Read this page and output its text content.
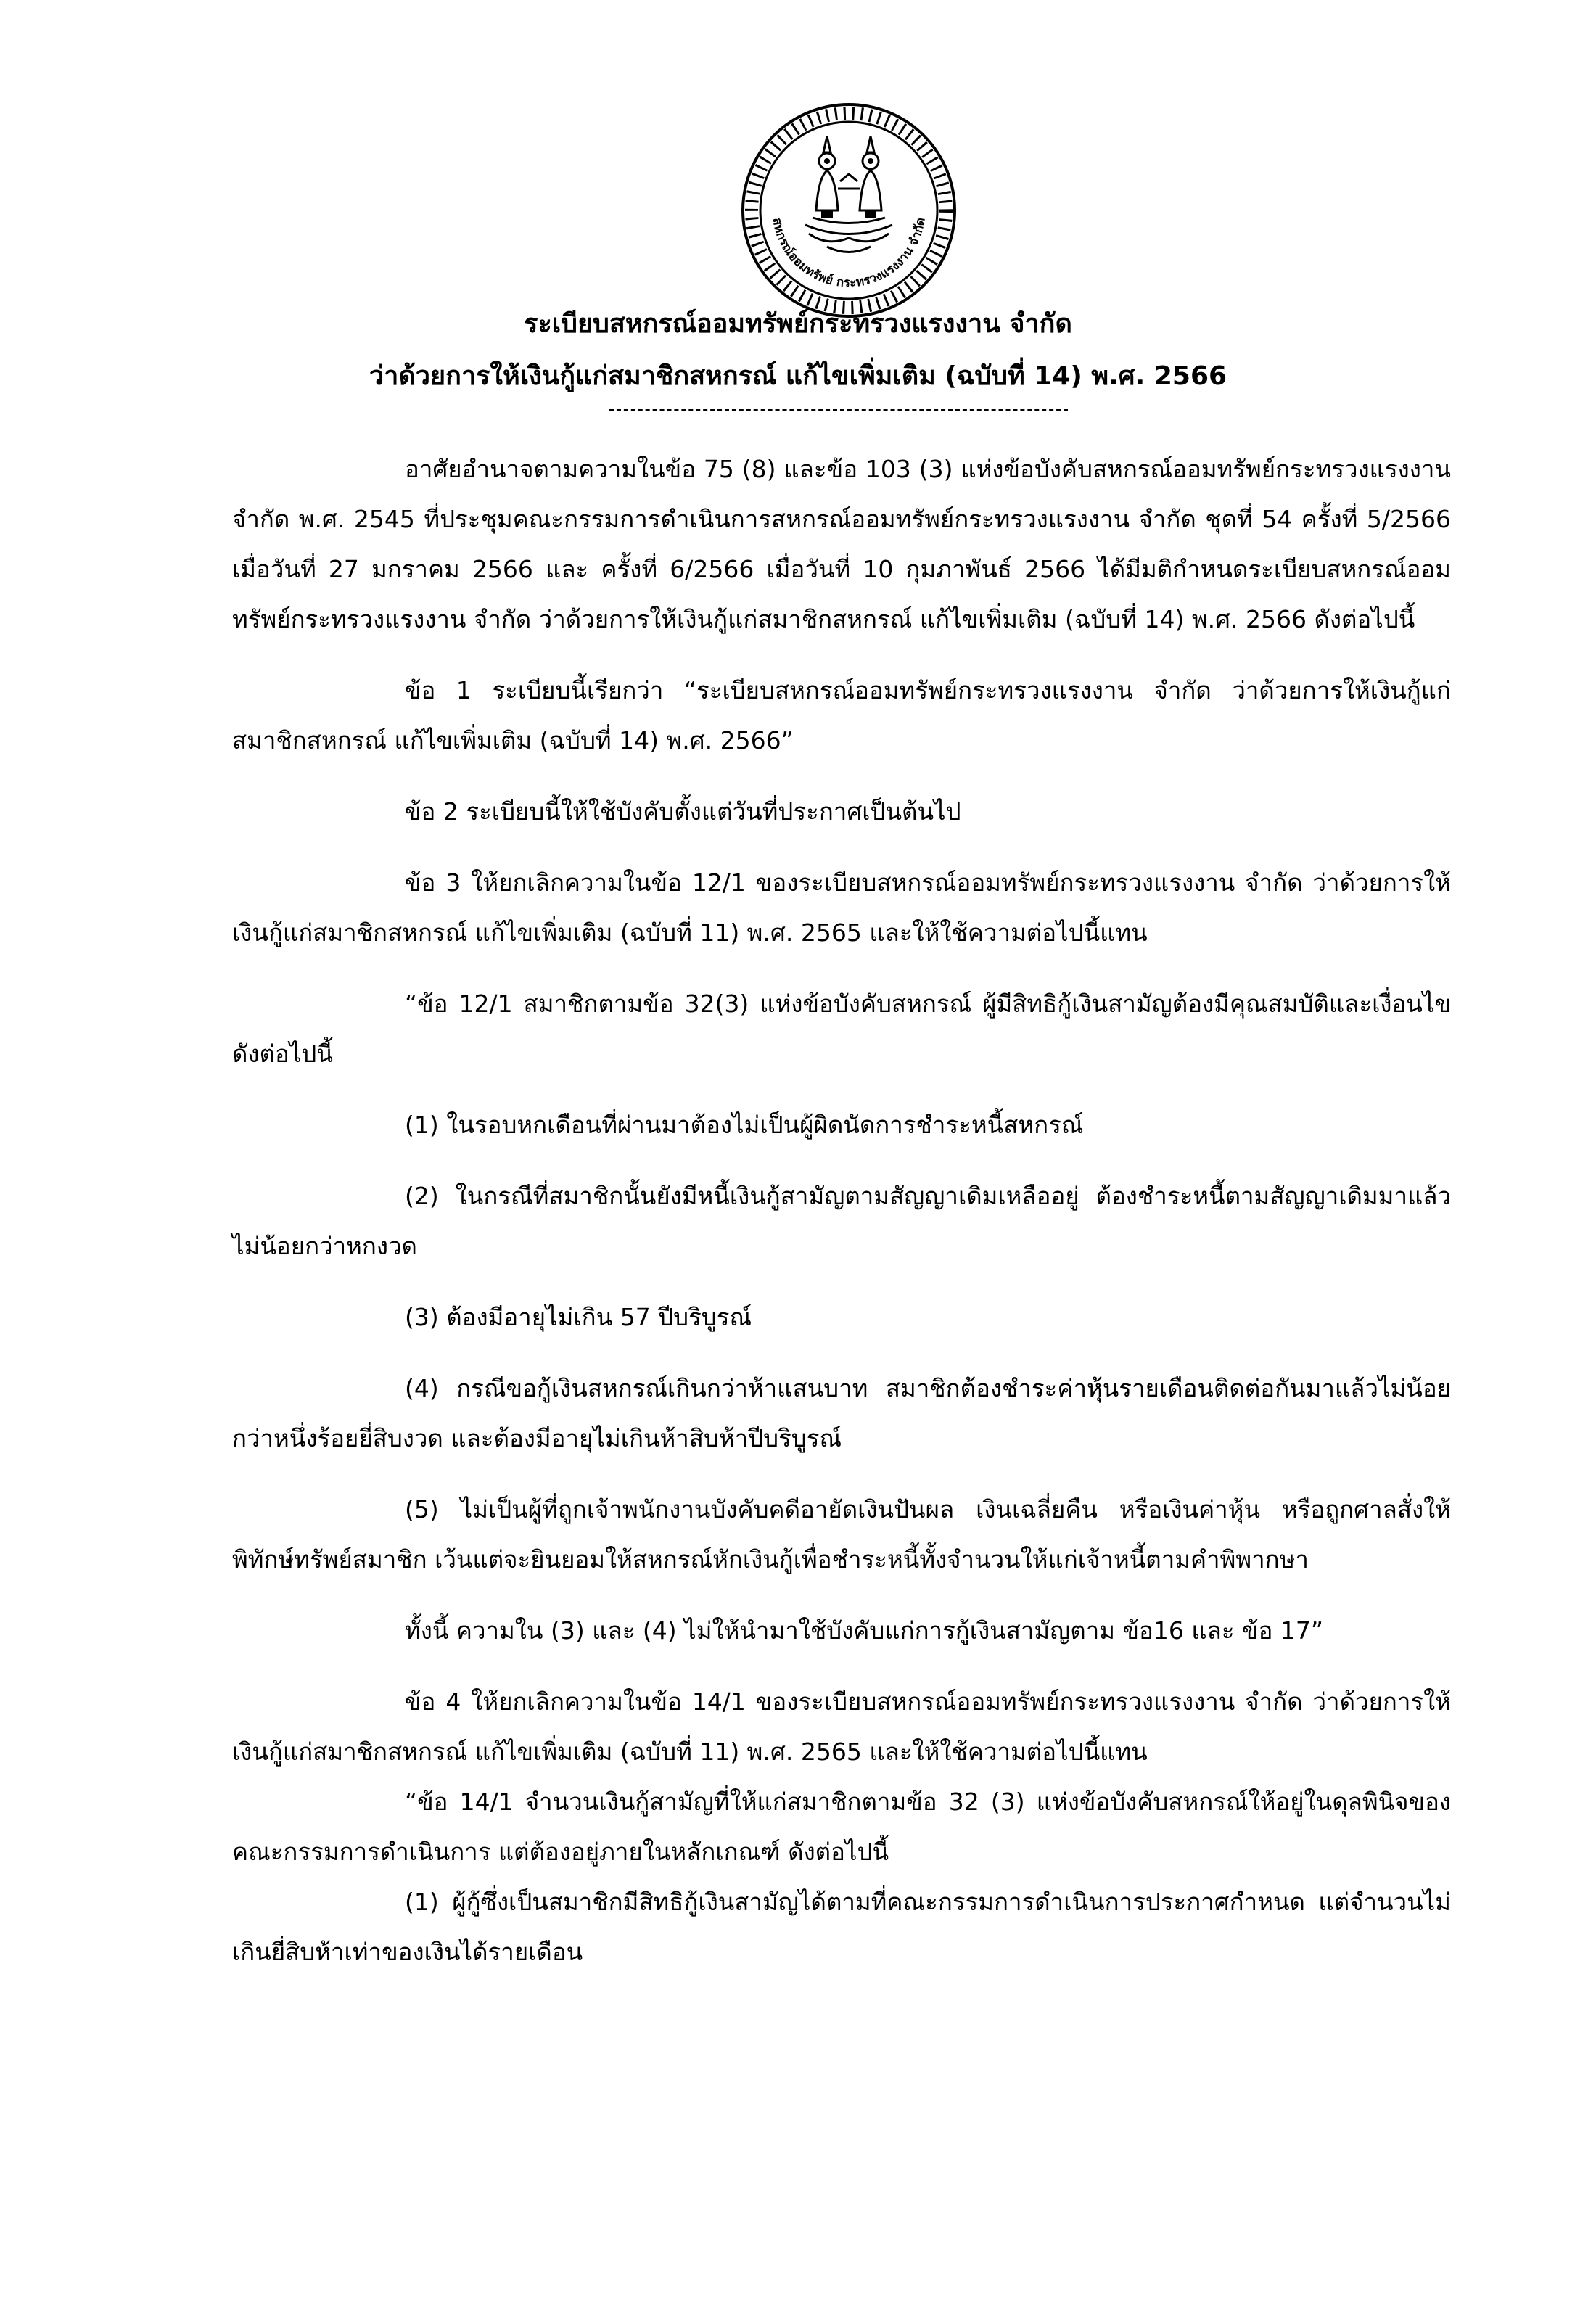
สหกรณ์ออมทรัพย์ กระทรวงแรงงาน จำกัด
ระเบียบสหกรณ์ออมทรัพย์กระทรวงแรงงาน จำกัด
ว่าด้วยการให้เงินกู้แก่สมาชิกสหกรณ์ แก้ไขเพิ่มเติม (ฉบับที่ 14) พ.ศ. 2566

อาศัยอำนาจตามความในข้อ 75 (8) และข้อ 103 (3) แห่งข้อบังคับสหกรณ์ออมทรัพย์กระทรวงแรงงาน จำกัด พ.ศ. 2545 ที่ประชุมคณะกรรมการดำเนินการสหกรณ์ออมทรัพย์กระทรวงแรงงาน จำกัด ชุดที่ 54 ครั้งที่ 5/2566 เมื่อวันที่ 27 มกราคม 2566 และ ครั้งที่ 6/2566 เมื่อวันที่ 10 กุมภาพันธ์ 2566 ได้มีมติกำหนดระเบียบสหกรณ์ออมทรัพย์กระทรวงแรงงาน จำกัด ว่าด้วยการให้เงินกู้แก่สมาชิกสหกรณ์ แก้ไขเพิ่มเติม (ฉบับที่ 14) พ.ศ. 2566 ดังต่อไปนี้

ข้อ 1 ระเบียบนี้เรียกว่า “ระเบียบสหกรณ์ออมทรัพย์กระทรวงแรงงาน จำกัด ว่าด้วยการให้เงินกู้แก่สมาชิกสหกรณ์ แก้ไขเพิ่มเติม (ฉบับที่ 14) พ.ศ. 2566”

ข้อ 2 ระเบียบนี้ให้ใช้บังคับตั้งแต่วันที่ประกาศเป็นต้นไป

ข้อ 3 ให้ยกเลิกความในข้อ 12/1 ของระเบียบสหกรณ์ออมทรัพย์กระทรวงแรงงาน จำกัด ว่าด้วยการให้เงินกู้แก่สมาชิกสหกรณ์ แก้ไขเพิ่มเติม (ฉบับที่ 11) พ.ศ. 2565 และให้ใช้ความต่อไปนี้แทน

“ข้อ 12/1 สมาชิกตามข้อ 32(3) แห่งข้อบังคับสหกรณ์ ผู้มีสิทธิกู้เงินสามัญต้องมีคุณสมบัติและเงื่อนไข ดังต่อไปนี้

(1) ในรอบหกเดือนที่ผ่านมาต้องไม่เป็นผู้ผิดนัดการชำระหนี้สหกรณ์

(2) ในกรณีที่สมาชิกนั้นยังมีหนี้เงินกู้สามัญตามสัญญาเดิมเหลืออยู่ ต้องชำระหนี้ตามสัญญาเดิมมาแล้วไม่น้อยกว่าหกงวด

(3) ต้องมีอายุไม่เกิน 57 ปีบริบูรณ์

(4) กรณีขอกู้เงินสหกรณ์เกินกว่าห้าแสนบาท สมาชิกต้องชำระค่าหุ้นรายเดือนติดต่อกันมาแล้วไม่น้อยกว่าหนึ่งร้อยยี่สิบงวด และต้องมีอายุไม่เกินห้าสิบห้าปีบริบูรณ์

(5) ไม่เป็นผู้ที่ถูกเจ้าพนักงานบังคับคดีอายัดเงินปันผล เงินเฉลี่ยคืน หรือเงินค่าหุ้น หรือถูกศาลสั่งให้พิทักษ์ทรัพย์สมาชิก เว้นแต่จะยินยอมให้สหกรณ์หักเงินกู้เพื่อชำระหนี้ทั้งจำนวนให้แก่เจ้าหนี้ตามคำพิพากษา

ทั้งนี้ ความใน (3) และ (4) ไม่ให้นำมาใช้บังคับแก่การกู้เงินสามัญตาม ข้อ16 และ ข้อ 17”

ข้อ 4 ให้ยกเลิกความในข้อ 14/1 ของระเบียบสหกรณ์ออมทรัพย์กระทรวงแรงงาน จำกัด ว่าด้วยการให้เงินกู้แก่สมาชิกสหกรณ์ แก้ไขเพิ่มเติม (ฉบับที่ 11) พ.ศ. 2565 และให้ใช้ความต่อไปนี้แทน

“ข้อ 14/1 จำนวนเงินกู้สามัญที่ให้แก่สมาชิกตามข้อ 32 (3) แห่งข้อบังคับสหกรณ์ให้อยู่ในดุลพินิจของคณะกรรมการดำเนินการ แต่ต้องอยู่ภายในหลักเกณฑ์ ดังต่อไปนี้

(1) ผู้กู้ซึ่งเป็นสมาชิกมีสิทธิกู้เงินสามัญได้ตามที่คณะกรรมการดำเนินการประกาศกำหนด แต่จำนวนไม่เกินยี่สิบห้าเท่าของเงินได้รายเดือน
